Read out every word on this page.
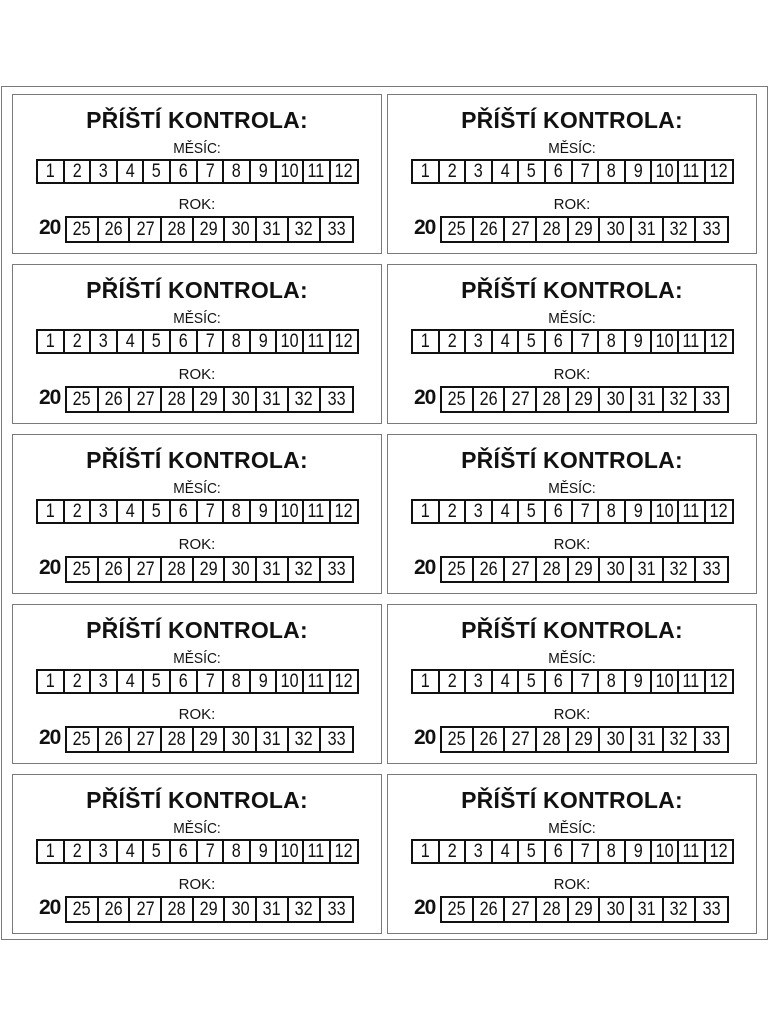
PŘÍŠTÍ KONTROLA:
MĚSÍC:
1 2 3 4 5 6 7 8 9 10 11 12
ROK:
20 25 26 27 28 29 30 31 32 33
PŘÍŠTÍ KONTROLA:
MĚSÍC:
1 2 3 4 5 6 7 8 9 10 11 12
ROK:
20 25 26 27 28 29 30 31 32 33
PŘÍŠTÍ KONTROLA:
MĚSÍC:
1 2 3 4 5 6 7 8 9 10 11 12
ROK:
20 25 26 27 28 29 30 31 32 33
PŘÍŠTÍ KONTROLA:
MĚSÍC:
1 2 3 4 5 6 7 8 9 10 11 12
ROK:
20 25 26 27 28 29 30 31 32 33
PŘÍŠTÍ KONTROLA:
MĚSÍC:
1 2 3 4 5 6 7 8 9 10 11 12
ROK:
20 25 26 27 28 29 30 31 32 33
PŘÍŠTÍ KONTROLA:
MĚSÍC:
1 2 3 4 5 6 7 8 9 10 11 12
ROK:
20 25 26 27 28 29 30 31 32 33
PŘÍŠTÍ KONTROLA:
MĚSÍC:
1 2 3 4 5 6 7 8 9 10 11 12
ROK:
20 25 26 27 28 29 30 31 32 33
PŘÍŠTÍ KONTROLA:
MĚSÍC:
1 2 3 4 5 6 7 8 9 10 11 12
ROK:
20 25 26 27 28 29 30 31 32 33
PŘÍŠTÍ KONTROLA:
MĚSÍC:
1 2 3 4 5 6 7 8 9 10 11 12
ROK:
20 25 26 27 28 29 30 31 32 33
PŘÍŠTÍ KONTROLA:
MĚSÍC:
1 2 3 4 5 6 7 8 9 10 11 12
ROK:
20 25 26 27 28 29 30 31 32 33
